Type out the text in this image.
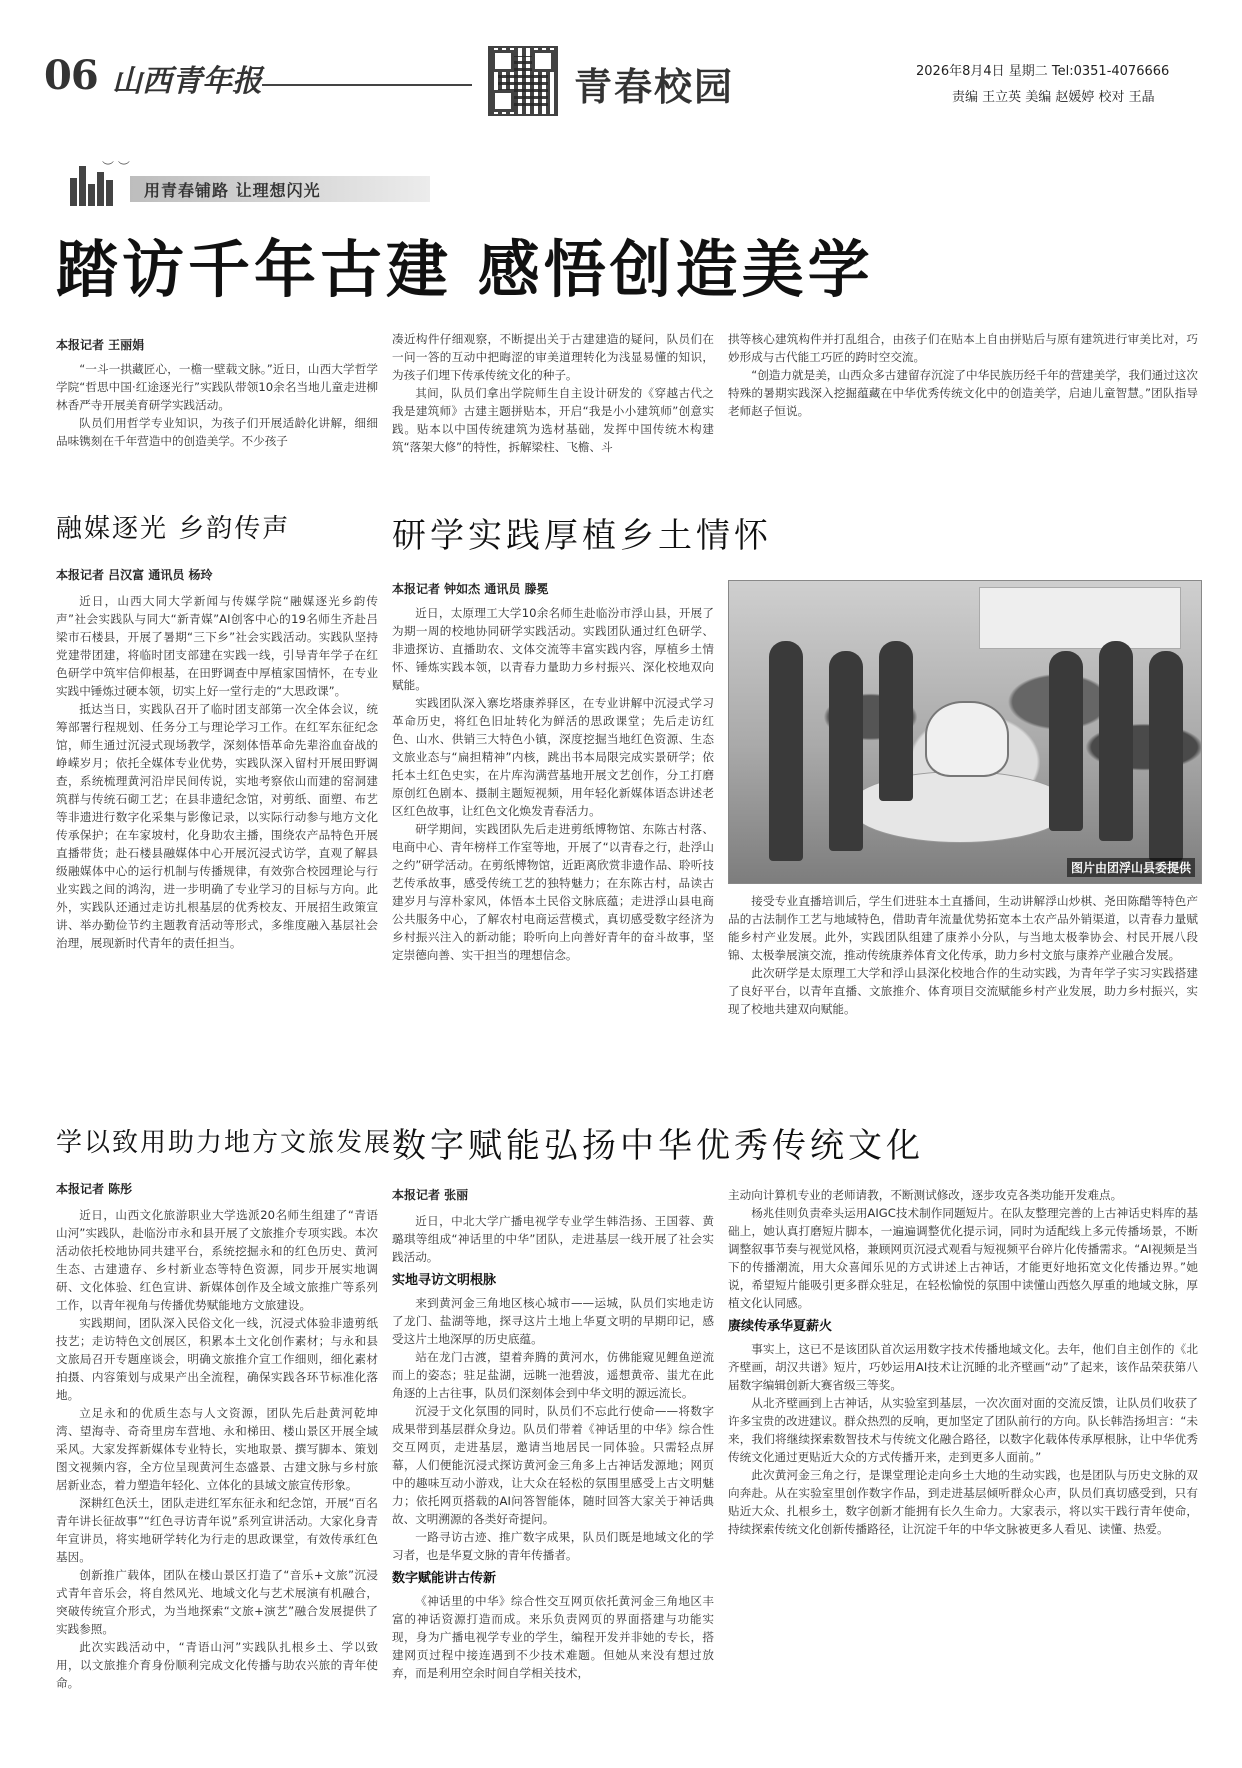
06 山西青年报	青春校园	2026年8月4日 星期二 Tel:0351-4076666
责编 王立英 美编 赵媛婷 校对 王晶
︶ ︶
用青春铺路 让理想闪光
踏访千年古建 感悟创造美学
本报记者 王丽娟

“一斗一拱藏匠心，一檐一壁载文脉。”近日，山西大学哲学学院“哲思中国·红途逐光行”实践队带领10余名当地儿童走进柳林香严寺开展美育研学实践活动。

队员们用哲学专业知识，为孩子们开展适龄化讲解，细细品味镌刻在千年营造中的创造美学。不少孩子

凑近构件仔细观察，不断提出关于古建建造的疑问，队员们在一问一答的互动中把晦涩的审美道理转化为浅显易懂的知识，为孩子们埋下传承传统文化的种子。

其间，队员们拿出学院师生自主设计研发的《穿越古代之我是建筑师》古建主题拼贴本，开启“我是小小建筑师”创意实践。贴本以中国传统建筑为选材基础，发挥中国传统木构建筑“落架大修”的特性，拆解梁柱、飞檐、斗

拱等核心建筑构件并打乱组合，由孩子们在贴本上自由拼贴后与原有建筑进行审美比对，巧妙形成与古代能工巧匠的跨时空交流。

“创造力就是美，山西众多古建留存沉淀了中华民族历经千年的营建美学，我们通过这次特殊的暑期实践深入挖掘蕴藏在中华优秀传统文化中的创造美学，启迪儿童智慧。”团队指导老师赵子恒说。

融媒逐光 乡韵传声
本报记者 吕汉富 通讯员 杨玲

近日，山西大同大学新闻与传媒学院“融媒逐光乡韵传声”社会实践队与同大“新青媒”AI创客中心的19名师生齐赴吕梁市石楼县，开展了暑期“三下乡”社会实践活动。实践队坚持党建带团建，将临时团支部建在实践一线，引导青年学子在红色研学中筑牢信仰根基，在田野调查中厚植家国情怀，在专业实践中锤炼过硬本领，切实上好一堂行走的“大思政课”。

抵达当日，实践队召开了临时团支部第一次全体会议，统筹部署行程规划、任务分工与理论学习工作。在红军东征纪念馆，师生通过沉浸式现场教学，深刻体悟革命先辈浴血奋战的峥嵘岁月；依托全媒体专业优势，实践队深入留村开展田野调查，系统梳理黄河沿岸民间传说，实地考察依山而建的窑洞建筑群与传统石砌工艺；在县非遗纪念馆，对剪纸、面塑、布艺等非遗进行数字化采集与影像记录，以实际行动参与地方文化传承保护；在车家坡村，化身助农主播，围绕农产品特色开展直播带货；赴石楼县融媒体中心开展沉浸式访学，直观了解县级融媒体中心的运行机制与传播规律，有效弥合校园理论与行业实践之间的鸿沟，进一步明确了专业学习的目标与方向。此外，实践队还通过走访扎根基层的优秀校友、开展招生政策宣讲、举办勤俭节约主题教育活动等形式，多维度融入基层社会治理，展现新时代青年的责任担当。

学以致用助力地方文旅发展
本报记者 陈彤

近日，山西文化旅游职业大学选派20名师生组建了“青语山河”实践队，赴临汾市永和县开展了文旅推介专项实践。本次活动依托校地协同共建平台，系统挖掘永和的红色历史、黄河生态、古建遗存、乡村新业态等特色资源，同步开展实地调研、文化体验、红色宣讲、新媒体创作及全域文旅推广等系列工作，以青年视角与传播优势赋能地方文旅建设。

实践期间，团队深入民俗文化一线，沉浸式体验非遗剪纸技艺；走访特色文创展区，积累本土文化创作素材；与永和县文旅局召开专题座谈会，明确文旅推介宣工作细则，细化素材拍摄、内容策划与成果产出全流程，确保实践各环节标准化落地。

立足永和的优质生态与人文资源，团队先后赴黄河乾坤湾、望海寺、奇奇里房车营地、永和梯田、楼山景区开展全域采风。大家发挥新媒体专业特长，实地取景、撰写脚本、策划图文视频内容，全方位呈现黄河生态盛景、古建文脉与乡村旅居新业态，着力塑造年轻化、立体化的县域文旅宣传形象。

深耕红色沃土，团队走进红军东征永和纪念馆，开展“百名青年讲长征故事”“红色寻访青年说”系列宣讲活动。大家化身青年宣讲员，将实地研学转化为行走的思政课堂，有效传承红色基因。

创新推广载体，团队在楼山景区打造了“音乐+文旅”沉浸式青年音乐会，将自然风光、地域文化与艺术展演有机融合，突破传统宣介形式，为当地探索“文旅+演艺”融合发展提供了实践参照。

此次实践活动中，“青语山河”实践队扎根乡土、学以致用，以文旅推介育身份顺利完成文化传播与助农兴旅的青年使命。

研学实践厚植乡土情怀
本报记者 钟如杰 通讯员 滕冕

近日，太原理工大学10余名师生赴临汾市浮山县，开展了为期一周的校地协同研学实践活动。实践团队通过红色研学、非遗探访、直播助农、文体交流等丰富实践内容，厚植乡土情怀、锤炼实践本领，以青春力量助力乡村振兴、深化校地双向赋能。

实践团队深入寨圪塔康养驿区，在专业讲解中沉浸式学习革命历史，将红色旧址转化为鲜活的思政课堂；先后走访红色、山水、供销三大特色小镇，深度挖掘当地红色资源、生态文旅业态与“扁担精神”内核，跳出书本局限完成实景研学；依托本土红色史实，在片库沟满营基地开展文艺创作，分工打磨原创红色剧本、摄制主题短视频，用年轻化新媒体语态讲述老区红色故事，让红色文化焕发青春活力。

研学期间，实践团队先后走进剪纸博物馆、东陈古村落、电商中心、青年榜样工作室等地，开展了“以青春之行，赴浮山之约”研学活动。在剪纸博物馆，近距离欣赏非遗作品、聆听技艺传承故事，感受传统工艺的独特魅力；在东陈古村，品读古建岁月与淳朴家风，体悟本土民俗文脉底蕴；走进浮山县电商公共服务中心，了解农村电商运营模式，真切感受数字经济为乡村振兴注入的新动能；聆听向上向善好青年的奋斗故事，坚定崇德向善、实干担当的理想信念。

图片由团浮山县委提供

接受专业直播培训后，学生们进驻本土直播间，生动讲解浮山炒棋、尧田陈醋等特色产品的古法制作工艺与地域特色，借助青年流量优势拓宽本土农产品外销渠道，以青春力量赋能乡村产业发展。此外，实践团队组建了康养小分队，与当地太极拳协会、村民开展八段锦、太极拳展演交流，推动传统康养体育文化传承，助力乡村文旅与康养产业融合发展。

此次研学是太原理工大学和浮山县深化校地合作的生动实践，为青年学子实习实践搭建了良好平台，以青年直播、文旅推介、体育项目交流赋能乡村产业发展，助力乡村振兴，实现了校地共建双向赋能。

数字赋能弘扬中华优秀传统文化
本报记者 张丽

近日，中北大学广播电视学专业学生韩浩扬、王国蓉、黄璐琪等组成“神话里的中华”团队，走进基层一线开展了社会实践活动。

实地寻访文明根脉

来到黄河金三角地区核心城市——运城，队员们实地走访了龙门、盐湖等地，探寻这片土地上华夏文明的早期印记，感受这片土地深厚的历史底蕴。

站在龙门古渡，望着奔腾的黄河水，仿佛能窥见鲤鱼逆流而上的姿态；驻足盐湖，远眺一池碧波，遥想黄帝、蚩尤在此角逐的上古往事，队员们深刻体会到中华文明的源远流长。

沉浸于文化氛围的同时，队员们不忘此行使命——将数字成果带到基层群众身边。队员们带着《神话里的中华》综合性交互网页，走进基层，邀请当地居民一同体验。只需轻点屏幕，人们便能沉浸式探访黄河金三角多上古神话发源地；网页中的趣味互动小游戏，让大众在轻松的氛围里感受上古文明魅力；依托网页搭载的AI问答智能体，随时回答大家关于神话典故、文明溯源的各类好奇提问。

一路寻访古迹、推广数字成果，队员们既是地域文化的学习者，也是华夏文脉的青年传播者。

数字赋能讲古传新

《神话里的中华》综合性交互网页依托黄河金三角地区丰富的神话资源打造而成。来乐负责网页的界面搭建与功能实现，身为广播电视学专业的学生，编程开发并非她的专长，搭建网页过程中接连遇到不少技术难题。但她从来没有想过放弃，而是利用空余时间自学相关技术，

主动向计算机专业的老师请教，不断测试修改，逐步攻克各类功能开发难点。

杨兆佳则负责牵头运用AIGC技术制作同题短片。在队友整理完善的上古神话史料库的基础上，她认真打磨短片脚本，一遍遍调整优化提示词，同时为适配线上多元传播场景，不断调整叙事节奏与视觉风格，兼顾网页沉浸式观看与短视频平台碎片化传播需求。“AI视频是当下的传播潮流，用大众喜闻乐见的方式讲述上古神话，才能更好地拓宽文化传播边界。”她说，希望短片能吸引更多群众驻足，在轻松愉悦的氛围中读懂山西悠久厚重的地域文脉，厚植文化认同感。

赓续传承华夏薪火

事实上，这已不是该团队首次运用数字技术传播地域文化。去年，他们自主创作的《北齐壁画，胡汉共谱》短片，巧妙运用AI技术让沉睡的北齐壁画“动”了起来，该作品荣获第八届数字编辑创新大赛省级三等奖。

从北齐壁画到上古神话，从实验室到基层，一次次面对面的交流反馈，让队员们收获了许多宝贵的改进建议。群众热烈的反响，更加坚定了团队前行的方向。队长韩浩扬坦言：“未来，我们将继续探索数智技术与传统文化融合路径，以数字化载体传承厚根脉，让中华优秀传统文化通过更贴近大众的方式传播开来，走到更多人面前。”

此次黄河金三角之行，是课堂理论走向乡土大地的生动实践，也是团队与历史文脉的双向奔赴。从在实验室里创作数字作品，到走进基层倾听群众心声，队员们真切感受到，只有贴近大众、扎根乡土，数字创新才能拥有长久生命力。大家表示，将以实干践行青年使命，持续探索传统文化创新传播路径，让沉淀千年的中华文脉被更多人看见、读懂、热爱。
